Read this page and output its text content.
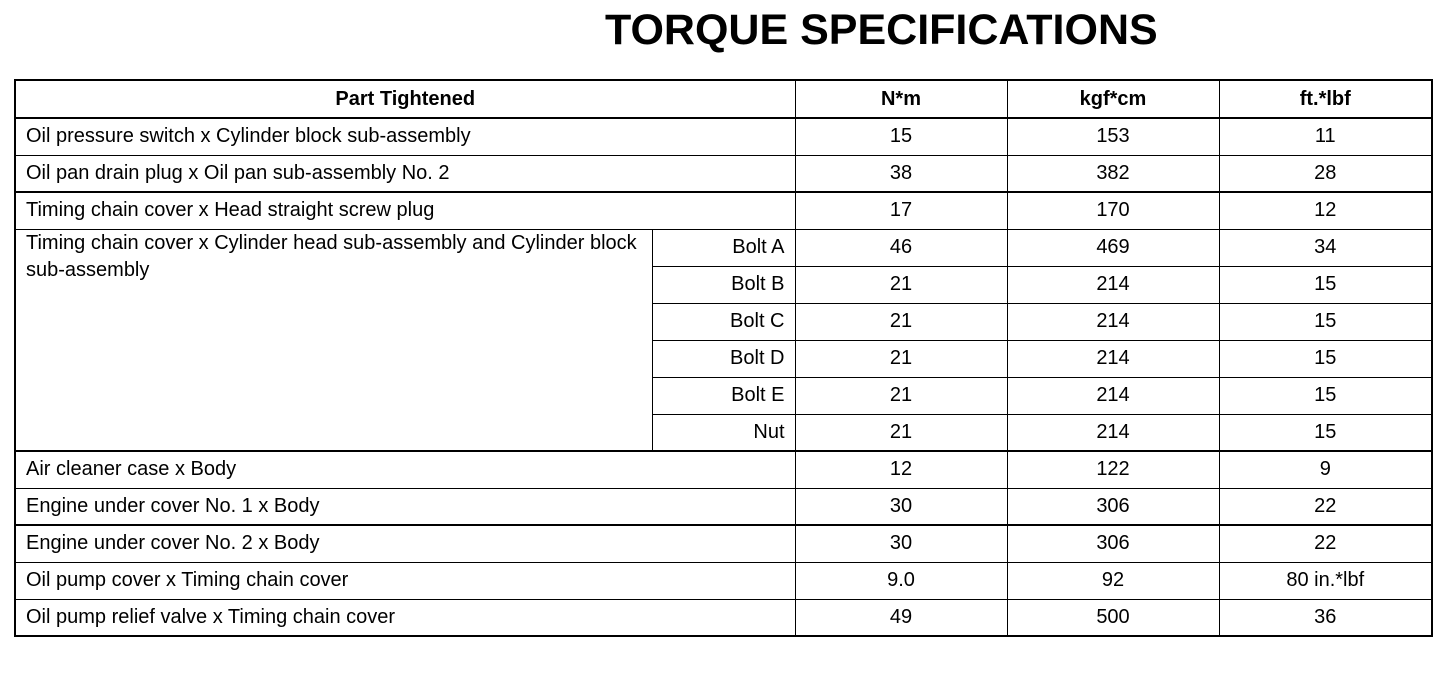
TORQUE SPECIFICATIONS
Part Tightened		N*m	kgf*cm	ft.*lbf
Oil pressure switch x Cylinder block sub-assembly		15	153	11
Oil pan drain plug x Oil pan sub-assembly No. 2		38	382	28
Timing chain cover x Head straight screw plug		17	170	12
Timing chain cover x Cylinder head sub-assembly and Cylinder block sub-assembly	Bolt A	46	469	34
	Bolt B	21	214	15
	Bolt C	21	214	15
	Bolt D	21	214	15
	Bolt E	21	214	15
	Nut	21	214	15
Air cleaner case x Body		12	122	9
Engine under cover No. 1 x Body		30	306	22
Engine under cover No. 2 x Body		30	306	22
Oil pump cover x Timing chain cover		9.0	92	80 in.*lbf
Oil pump relief valve x Timing chain cover		49	500	36
